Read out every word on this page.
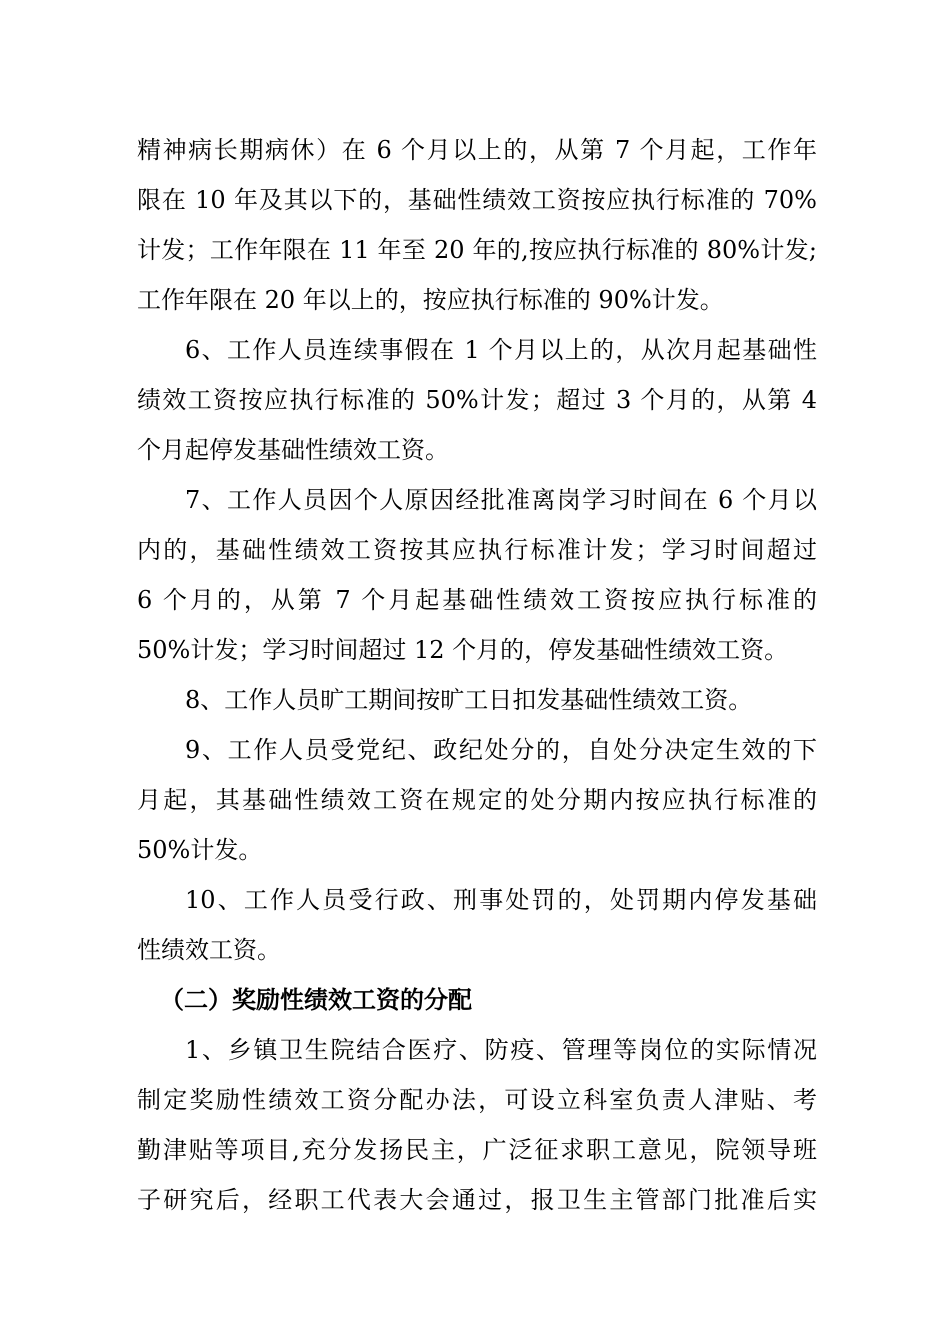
精神病长期病休）在 6 个月以上的，从第 7 个月起，工作年
限在 10 年及其以下的，基础性绩效工资按应执行标准的 70%
计发；工作年限在 11 年至 20 年的,按应执行标准的 80%计发;
工作年限在 20 年以上的，按应执行标准的 90%计发。
6、工作人员连续事假在 1 个月以上的，从次月起基础性
绩效工资按应执行标准的 50%计发；超过 3 个月的，从第 4
个月起停发基础性绩效工资。
7、工作人员因个人原因经批准离岗学习时间在 6 个月以
内的，基础性绩效工资按其应执行标准计发；学习时间超过
6 个月的，从第 7 个月起基础性绩效工资按应执行标准的
50%计发；学习时间超过 12 个月的，停发基础性绩效工资。
8、工作人员旷工期间按旷工日扣发基础性绩效工资。
9、工作人员受党纪、政纪处分的，自处分决定生效的下
月起，其基础性绩效工资在规定的处分期内按应执行标准的
50%计发。
10、工作人员受行政、刑事处罚的，处罚期内停发基础
性绩效工资。
（二）奖励性绩效工资的分配
1、乡镇卫生院结合医疗、防疫、管理等岗位的实际情况
制定奖励性绩效工资分配办法，可设立科室负责人津贴、考
勤津贴等项目,充分发扬民主，广泛征求职工意见，院领导班
子研究后，经职工代表大会通过，报卫生主管部门批准后实
